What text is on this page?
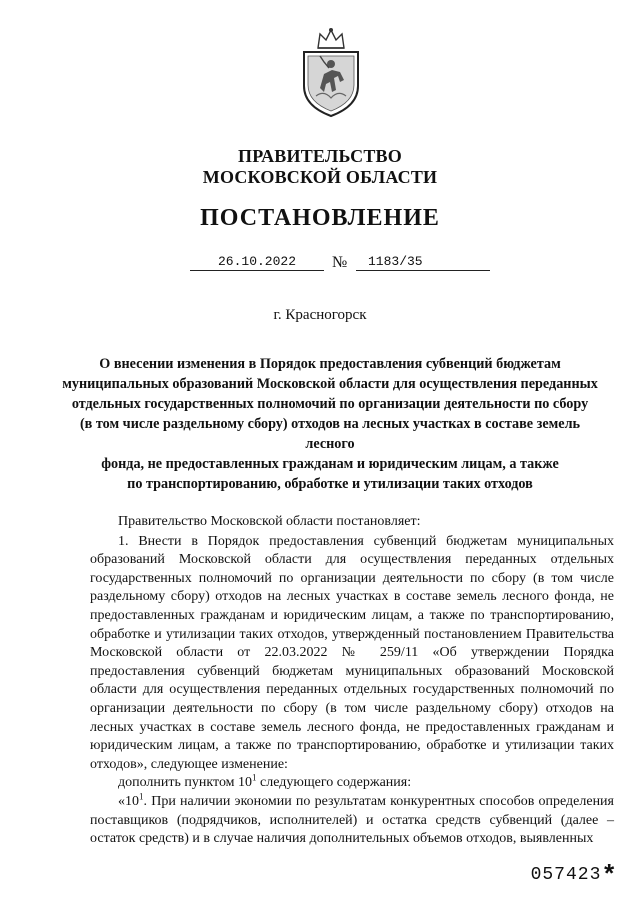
ПРАВИТЕЛЬСТВО
МОСКОВСКОЙ ОБЛАСТИ
ПОСТАНОВЛЕНИЕ
26.10.2022	№	1183/35
г. Красногорск
О внесении изменения в Порядок предоставления субвенций бюджетам
муниципальных образований Московской области для осуществления переданных
отдельных государственных полномочий по организации деятельности по сбору
(в том числе раздельному сбору) отходов на лесных участках в составе земель лесного
фонда, не предоставленных гражданам и юридическим лицам, а также
по транспортированию, обработке и утилизации таких отходов

Правительство Московской области постановляет:

1. Внести в Порядок предоставления субвенций бюджетам муниципальных образований Московской области для осуществления переданных отдельных государственных полномочий по организации деятельности по сбору (в том числе раздельному сбору) отходов на лесных участках в составе земель лесного фонда, не предоставленных гражданам и юридическим лицам, а также по транспортированию, обработке и утилизации таких отходов, утвержденный постановлением Правительства Московской области от 22.03.2022 № 259/11 «Об утверждении Порядка предоставления субвенций бюджетам муниципальных образований Московской области для осуществления переданных отдельных государственных полномочий по организации деятельности по сбору (в том числе раздельному сбору) отходов на лесных участках в составе земель лесного фонда, не предоставленных гражданам и юридическим лицам, а также по транспортированию, обработке и утилизации таких отходов», следующее изменение:

дополнить пунктом $10^1$ следующего содержания:

«$10^1$. При наличии экономии по результатам конкурентных способов определения поставщиков (подрядчиков, исполнителей) и остатка средств субвенций (далее – остаток средств) и в случае наличия дополнительных объемов отходов, выявленных

057423*
